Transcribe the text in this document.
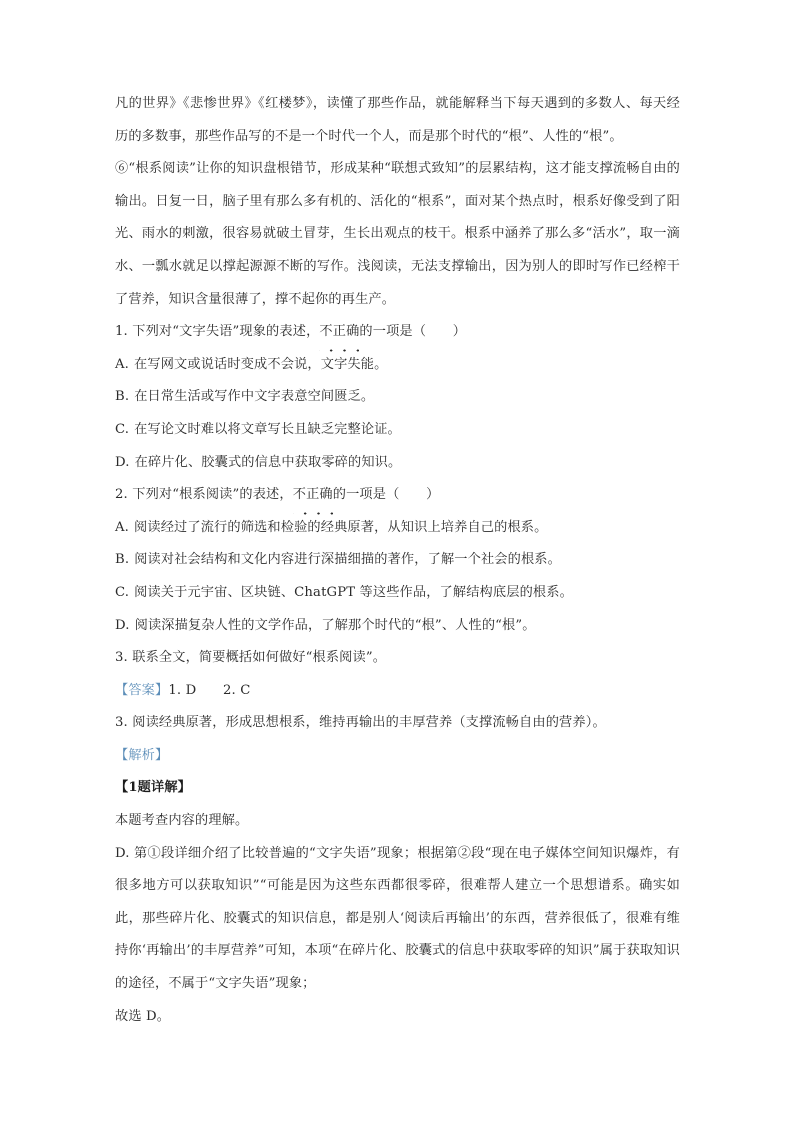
凡的世界》《悲惨世界》《红楼梦》，读懂了那些作品，就能解释当下每天遇到的多数人、每天经历的多数事，那些作品写的不是一个时代一个人，而是那个时代的“根”、人性的“根”。

⑥“根系阅读”让你的知识盘根错节，形成某种“联想式致知”的层累结构，这才能支撑流畅自由的输出。日复一日，脑子里有那么多有机的、活化的“根系”，面对某个热点时，根系好像受到了阳光、雨水的刺激，很容易就破土冒芽，生长出观点的枝干。根系中涵养了那么多“活水”，取一滴水、一瓢水就足以撑起源源不断的写作。浅阅读，无法支撑输出，因为别人的即时写作已经榨干了营养，知识含量很薄了，撑不起你的再生产。

1. 下列对“文字失语”现象的表述，不正确的一项是（　　）

A. 在写网文或说话时变成不会说，文字失能。

B. 在日常生活或写作中文字表意空间匮乏。

C. 在写论文时难以将文章写长且缺乏完整论证。

D. 在碎片化、胶囊式的信息中获取零碎的知识。

2. 下列对“根系阅读”的表述，不正确的一项是（　　）

A. 阅读经过了流行的筛选和检验的经典原著，从知识上培养自己的根系。

B. 阅读对社会结构和文化内容进行深描细描的著作，了解一个社会的根系。

C. 阅读关于元宇宙、区块链、ChatGPT 等这些作品，了解结构底层的根系。

D. 阅读深描复杂人性的文学作品，了解那个时代的“根”、人性的“根”。

3. 联系全文，简要概括如何做好“根系阅读”。

【答案】1. D　　2. C

3. 阅读经典原著，形成思想根系，维持再输出的丰厚营养（支撑流畅自由的营养）。

【解析】

【1题详解】

本题考查内容的理解。

D. 第①段详细介绍了比较普遍的“文字失语”现象；根据第②段“现在电子媒体空间知识爆炸，有很多地方可以获取知识”“可能是因为这些东西都很零碎，很难帮人建立一个思想谱系。确实如此，那些碎片化、胶囊式的知识信息，都是别人‘阅读后再输出’的东西，营养很低了，很难有维持你‘再输出’的丰厚营养”可知，本项“在碎片化、胶囊式的信息中获取零碎的知识”属于获取知识的途径，不属于“文字失语”现象；

故选 D。
